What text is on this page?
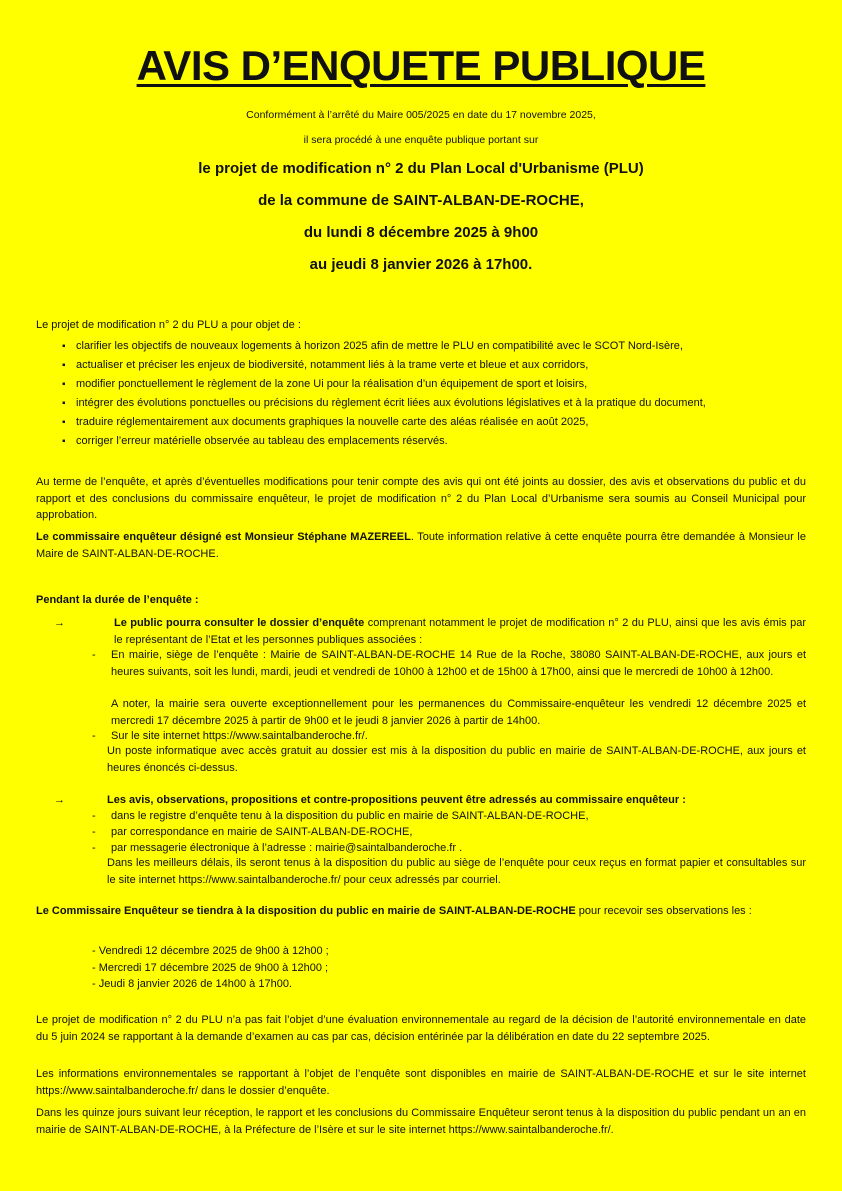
AVIS D’ENQUETE PUBLIQUE
Conformément à l’arrêté du Maire 005/2025 en date du 17 novembre 2025,
il sera procédé à une enquête publique portant sur
le projet de modification n° 2 du Plan Local d'Urbanisme (PLU)
de la commune de SAINT-ALBAN-DE-ROCHE,
du lundi 8 décembre 2025 à 9h00
au jeudi 8 janvier 2026 à 17h00.
Le projet de modification n° 2 du PLU a pour objet de :
▪ clarifier les objectifs de nouveaux logements à horizon 2025 afin de mettre le PLU en compatibilité avec le SCOT Nord-Isère,
▪ actualiser et préciser les enjeux de biodiversité, notamment liés à la trame verte et bleue et aux corridors,
▪ modifier ponctuellement le règlement de la zone Ui pour la réalisation d’un équipement de sport et loisirs,
▪ intégrer des évolutions ponctuelles ou précisions du règlement écrit liées aux évolutions législatives et à la pratique du document,
▪ traduire réglementairement aux documents graphiques la nouvelle carte des aléas réalisée en août 2025,
▪ corriger l’erreur matérielle observée au tableau des emplacements réservés.
Au terme de l’enquête, et après d’éventuelles modifications pour tenir compte des avis qui ont été joints au dossier, des avis et observations du public et du rapport et des conclusions du commissaire enquêteur, le projet de modification n° 2 du Plan Local d’Urbanisme sera soumis au Conseil Municipal pour approbation.
Le commissaire enquêteur désigné est Monsieur Stéphane MAZEREEL. Toute information relative à cette enquête pourra être demandée à Monsieur le Maire de SAINT-ALBAN-DE-ROCHE.
Pendant la durée de l’enquête :
→	Le public pourra consulter le dossier d’enquête comprenant notamment le projet de modification n° 2 du PLU, ainsi que les avis émis par le représentant de l’Etat et les personnes publiques associées :
- En mairie, siège de l’enquête : Mairie de SAINT-ALBAN-DE-ROCHE 14 Rue de la Roche, 38080 SAINT-ALBAN-DE-ROCHE, aux jours et heures suivants, soit les lundi, mardi, jeudi et vendredi de 10h00 à 12h00 et de 15h00 à 17h00, ainsi que le mercredi de 10h00 à 12h00.
A noter, la mairie sera ouverte exceptionnellement pour les permanences du Commissaire-enquêteur les vendredi 12 décembre 2025 et mercredi 17 décembre 2025 à partir de 9h00 et le jeudi 8 janvier 2026 à partir de 14h00.
- Sur le site internet https://www.saintalbanderoche.fr/.
Un poste informatique avec accès gratuit au dossier est mis à la disposition du public en mairie de SAINT-ALBAN-DE-ROCHE, aux jours et heures énoncés ci-dessus.
→	Les avis, observations, propositions et contre-propositions peuvent être adressés au commissaire enquêteur :
- dans le registre d’enquête tenu à la disposition du public en mairie de SAINT-ALBAN-DE-ROCHE,
- par correspondance en mairie de SAINT-ALBAN-DE-ROCHE,
- par messagerie électronique à l’adresse : mairie@saintalbanderoche.fr .
Dans les meilleurs délais, ils seront tenus à la disposition du public au siège de l’enquête pour ceux reçus en format papier et consultables sur le site internet https://www.saintalbanderoche.fr/ pour ceux adressés par courriel.
Le Commissaire Enquêteur se tiendra à la disposition du public en mairie de SAINT-ALBAN-DE-ROCHE pour recevoir ses observations les :
- Vendredi 12 décembre 2025 de 9h00 à 12h00 ;
- Mercredi 17 décembre 2025 de 9h00 à 12h00 ;
- Jeudi 8 janvier 2026 de 14h00 à 17h00.
Le projet de modification n° 2 du PLU n’a pas fait l’objet d’une évaluation environnementale au regard de la décision de l’autorité environnementale en date du 5 juin 2024 se rapportant à la demande d’examen au cas par cas, décision entérinée par la délibération en date du 22 septembre 2025.
Les informations environnementales se rapportant à l’objet de l’enquête sont disponibles en mairie de SAINT-ALBAN-DE-ROCHE et sur le site internet https://www.saintalbanderoche.fr/ dans le dossier d’enquête.
Dans les quinze jours suivant leur réception, le rapport et les conclusions du Commissaire Enquêteur seront tenus à la disposition du public pendant un an en mairie de SAINT-ALBAN-DE-ROCHE, à la Préfecture de l’Isère et sur le site internet https://www.saintalbanderoche.fr/.
